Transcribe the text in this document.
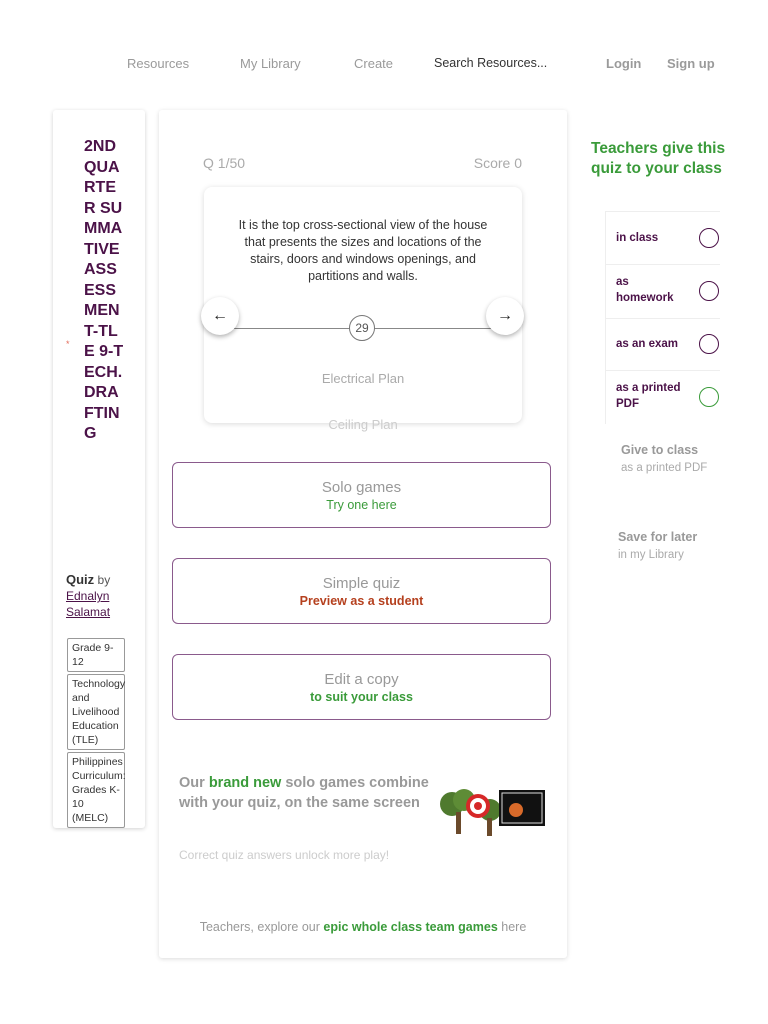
Resources	My Library	Create	Search Resources...	Login Sign up
2ND QUARTER SUMMATIVE ASSESSMENT-TLE 9-TECH. DRAFTING
*
Quiz by
Ednalyn Salamat
Grade 9-12
Technology and Livelihood Education (TLE)
Philippines Curriculum: Grades K-10 (MELC)
Q 1/50	Score 0
It is the top cross-sectional view of the house that presents the sizes and locations of the stairs, doors and windows openings, and partitions and walls.
29
Electrical Plan
Ceiling Plan
←	→
Solo games
Try one here
Simple quiz
Preview as a student
Edit a copy
to suit your class
Our brand new solo games combine with your quiz, on the same screen
Correct quiz answers unlock more play!
Teachers, explore our epic whole class team games here
Teachers give this quiz to your class
in class
as homework
as an exam
as a printed PDF
Give to class
as a printed PDF
Save for later
in my Library
